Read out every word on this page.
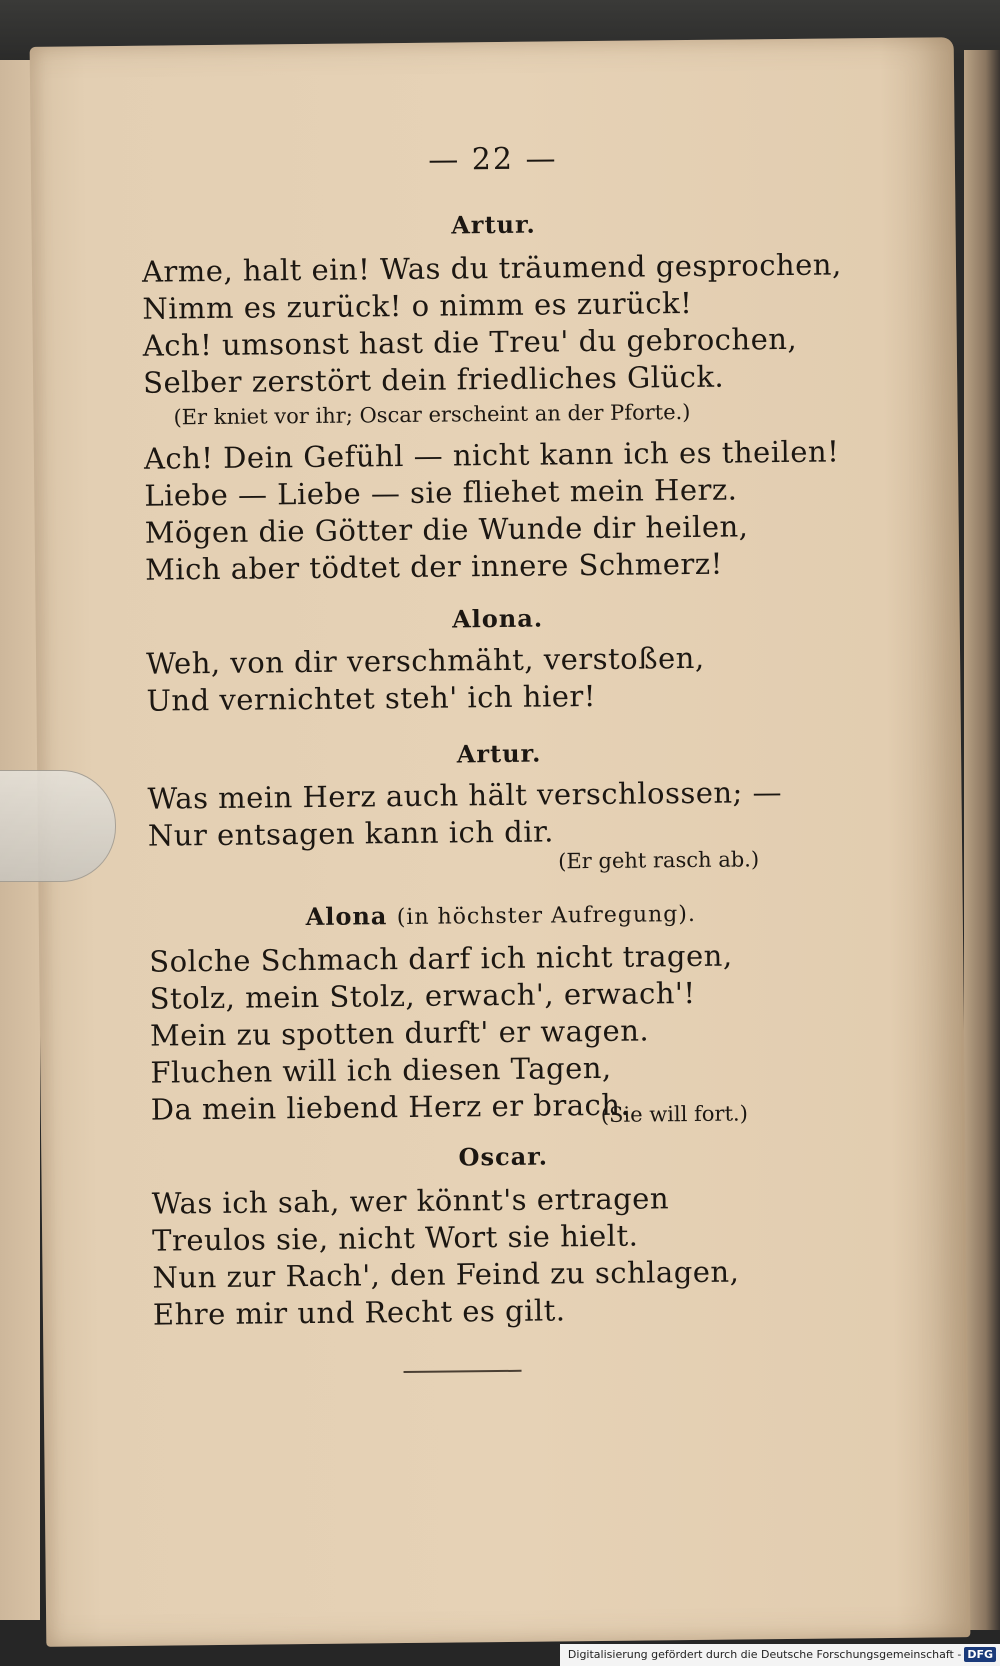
— 22 —
Artur.
Arme, halt ein! Was du träumend gesprochen,
Nimm es zurück! o nimm es zurück!
Ach! umsonst hast die Treu' du gebrochen,
Selber zerstört dein friedliches Glück.
(Er kniet vor ihr; Oscar erscheint an der Pforte.)
Ach! Dein Gefühl — nicht kann ich es theilen!
Liebe — Liebe — sie fliehet mein Herz.
Mögen die Götter die Wunde dir heilen,
Mich aber tödtet der innere Schmerz!
Alona.
Weh, von dir verschmäht, verstoßen,
Und vernichtet steh' ich hier!
Artur.
Was mein Herz auch hält verschlossen; —
Nur entsagen kann ich dir.
(Er geht rasch ab.)
Alona (in höchster Aufregung).
Solche Schmach darf ich nicht tragen,
Stolz, mein Stolz, erwach', erwach'!
Mein zu spotten durft' er wagen.
Fluchen will ich diesen Tagen,
Da mein liebend Herz er brach.
(Sie will fort.)
Oscar.
Was ich sah, wer könnt's ertragen
Treulos sie, nicht Wort sie hielt.
Nun zur Rach', den Feind zu schlagen,
Ehre mir und Recht es gilt.
Digitalisierung gefördert durch die Deutsche Forschungsgemeinschaft - DFG
